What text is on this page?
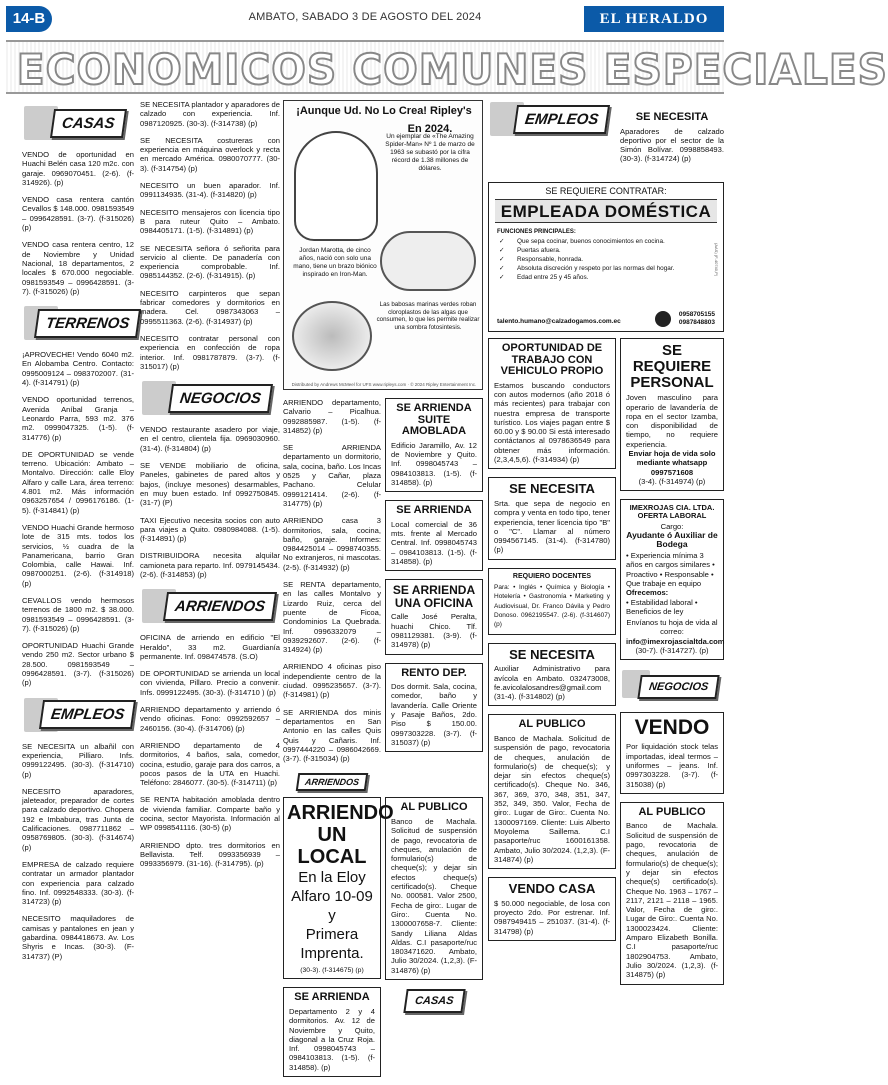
14-B	AMBATO, SABADO 3 DE AGOSTO DEL 2024	EL HERALDO
ECONOMICOS COMUNES ESPECIALES
CASAS

VENDO de oportunidad en Huachi Belén casa 120 m2c. con garaje. 0969070451. (2-6). (f-314926). (p)

VENDO casa rentera cantón Cevallos $ 148.000. 0981593549 – 0996428591. (3-7). (f-315026) (p)

VENDO casa rentera centro, 12 de Noviembre y Unidad Nacional, 18 departamentos, 2 locales $ 670.000 negociable. 0981593549 – 0996428591. (3-7). (f-315026) (p)

TERRENOS

¡APROVECHE! Vendo 6040 m2. En Alobamba Centro. Contacto: 0995009124 – 0983702007. (31-4). (f-314791) (p)

VENDO oportunidad terrenos, Avenida Aníbal Granja – Leonardo Parra, 593 m2. 376 m2. 0999047325. (1-5). (f-314776) (p)

DE OPORTUNIDAD se vende terreno. Ubicación: Ambato – Montalvo. Dirección: calle Eloy Alfaro y calle Lara, área terreno: 4.801 m2. Más información 0963257654 / 0996176186. (1-5). (f-314841) (p)

VENDO Huachi Grande hermoso lote de 315 mts. todos los servicios, ½ cuadra de la Panamericana, barrio Gran Colombia, calle Hawai. Inf. 0987000251. (2-6). (f-314918) (p)

CEVALLOS vendo hermosos terrenos de 1800 m2. $ 38.000. 0981593549 – 0996428591. (3-7). (f-315026) (p)

OPORTUNIDAD Huachi Grande vendo 250 m2. Sector urbano $ 28.500. 0981593549 – 0996428591. (3-7). (f-315026) (p)

EMPLEOS

SE NECESITA un albañil con experiencia, Pilliaro. Infs. 0999122495. (30-3). (f-314710) (p)

NECESITO aparadores, jaleteador, preparador de cortes para calzado deportivo. Chopera 192 e Imbabura, tras Junta de Calificaciones. 0987711862 – 0958769805. (30-3). (f-314674) (p)

EMPRESA de calzado requiere contratar un armador plantador con experiencia para calzado fino. Inf. 0992548333. (30-3). (f-314723) (p)

NECESITO maquiladores de camisas y pantalones en jean y gabardina. 0984418673. Av. Los Shyris e Incas. (30-3). (F-314737) (P)

SE NECESITA plantador y aparadores de calzado con experiencia. Inf. 0987120925. (30-3). (f-314738) (p)

SE NECESITA costureras con experiencia en máquina overlock y recta en mercado América. 0980070777. (30-3). (f-314754) (p)

NECESITO un buen aparador. Inf. 0991134935. (31-4). (f-314820) (p)

NECESITO mensajeros con licencia tipo B para ruteur Quito – Ambato. 0984405171. (1-5). (f-314891) (p)

SE NECESITA señora ó señorita para servicio al cliente. De panadería con experiencia comprobable. Inf. 0985144352. (2-6). (f-314915). (p)

NECESITO carpinteros que sepan fabricar comedores y dormitorios en madera. Cel. 0987343063 – 0995511363. (2-6). (f-314937) (p)

NECESITO contratar personal con experiencia en confección de ropa interior. Inf. 0981787879. (3-7). (f-315017) (p)

NEGOCIOS

VENDO restaurante asadero por viaje, en el centro, clientela fija. 0969030960. (31-4). (f-314804) (p)

SE VENDE mobiliario de oficina, Paneles, gabinetes de pared altos y bajos, (incluye mesones) desarmables, en muy buen estado. Inf 0992750845. (31-7) (P)

TAXI Ejecutivo necesita socios con auto para viajes a Quito. 0980984088. (1-5). (f-314891) (p)

DISTRIBUIDORA necesita alquilar camioneta para reparto. Inf. 0979145434. (2-6). (f-314853) (p)

ARRIENDOS

OFICINA de arriendo en edificio "El Heraldo", 33 m2. Guardianía permanente. Inf. 098474578. (S.O)

DE OPORTUNIDAD se arrienda un local con vivienda, Pillaro. Precio a convenir. Infs. 0999122495. (30-3). (f-314710 ) (p)

ARRIENDO departamento y arriendo ó vendo oficinas. Fono: 0992592657 – 2460156. (30-4). (f-314706) (p)

ARRIENDO departamento de 4 dormitorios, 4 baños, sala, comedor, cocina, estudio, garaje para dos carros, a pocos pasos de la UTA en Huachi. Teléfono: 2846077. (30-5). (f-314711) (p)

SE RENTA habitación amoblada dentro de vivienda familiar. Comparte baño y cocina, sector Mayorista. Información al WP 0998541116. (30-5) (p)

ARRIENDO dpto. tres dormitorios en Bellavista. Telf. 0993356939 – 0993356979. (31-16). (f-314795). (p)

¡Aunque Ud. No Lo Crea! Ripley's
En 2024.
Un ejemplar de «The Amazing Spider-Man» Nº 1 de marzo de 1963 se subastó por la cifra récord de 1.38 millones de dólares.
Jordan Marotta, de cinco años, nació con solo una mano, tiene un brazo biónico inspirado en Iron-Man.
Las babosas marinas verdes roban cloroplastos de las algas que consumen, lo que les permite realizar una sombra fotosintesis.
Distributed by Andrews McMeel for UFS www.ripleys.com · © 2024 Ripley Entertainment Inc.

ARRIENDO departamento, Calvario – Picalhua. 0992885987. (1-5). (f-314852) (p)

SE ARRIENDA departamento un dormitorio, sala, cocina, baño. Los Incas 0525 y Cañar, plaza Pachano. Celular 0999121414. (2-6). (f-314775) (p)

ARRIENDO casa 3 dormitorios, sala, cocina, baño, garaje. Informes: 0984425014 – 0998740355. No extranjeros, ni mascotas. (2-5). (f-314932) (p)

SE RENTA departamento, en las calles Montalvo y Lizardo Ruiz, cerca del puente de Ficoa, Condominios La Quebrada. Inf. 0996332079 – 0939292607. (2-6). (f-314924) (p)

ARRIENDO 4 oficinas piso independiente centro de la ciudad. 0995235657. (3-7). (f-314981) (p)

SE ARRIENDA dos minis departamentos en San Antonio en las calles Quis Quis y Cañaris. Inf. 0997444220 – 0986042669. (3-7). (f-315034) (p)

ARRIENDOS
SE ARRIENDA SUITE AMOBLADA

Edificio Jaramillo, Av. 12 de Noviembre y Quito. Inf. 0998045743 – 0984103813. (1-5). (f-314858). (p)

SE ARRIENDA

Local comercial de 36 mts. frente al Mercado Central. Inf. 0998045743 – 0984103813. (1-5). (f-314858). (p)

SE ARRIENDA UNA OFICINA

Calle José Peralta, huachi Chico. Tlf. 0981129381. (3-9). (f-314978) (p)

RENTO DEP.

Dos dormit. Sala, cocina, comedor, baño y lavandería. Calle Oriente y Pasaje Baños, 2do. Piso $ 150.00. 0997303228. (3-7). (f-315037) (p)

ARRIENDO
UN LOCAL
En la Eloy
Alfaro 10-09 y
Primera
Imprenta.
(30-3). (f-314675) (p)
SE ARRIENDA

Departamento 2 y 4 dormitorios. Av. 12 de Noviembre y Quito, diagonal a la Cruz Roja. Inf. 0998045743 – 0984103813. (1-5). (f-314858). (p)

AL PUBLICO

Banco de Machala. Solicitud de suspensión de pago, revocatoria de cheques, anulación de formulario(s) de cheque(s); y dejar sin efectos cheque(s) certificado(s). Cheque No. 000581. Valor 2500, Fecha de giro:. Lugar de Giro:. Cuenta No. 1300007658-7. Cliente: Sandy Liliana Aldas Aldas. C.I pasaporte/ruc 1803471620. Ambato, Julio 30/2024. (1,2,3). (F-314876) (p)

CASAS
EMPLEOS	SE NECESITA

Aparadores de calzado deportivo por el sector de la Simón Bolívar. 0998858493. (30-3). (f-314724) (p)

SE REQUIERE CONTRATAR:
EMPLEADA DOMÉSTICA
FUNCIONES PRINCIPALES:
✓ Que sepa cocinar, buenos conocimientos en cocina.
✓ Puertas afuera.
✓ Responsable, honrada.
✓ Absoluta discreción y respeto por las normas del hogar.
✓ Edad entre 25 y 45 años.
talento.humano@calzadogamos.com.ec
0958705155
0987848803
(AAS) (F-40740,P)
OPORTUNIDAD DE TRABAJO CON VEHICULO PROPIO

Estamos buscando conductors con autos modernos (año 2018 ó más recientes) para trabajar con nuestra empresa de transporte turístico. Los viajes pagan entre $ 60.00 y $ 90.00 Si está interesado contáctanos al 0978636549 para obtener más información. (2,3,4,5,6). (f-314934) (p)

SE NECESITA

Srta. que sepa de negocio en compra y venta en todo tipo, tener experiencia, tener licencia tipo "B" o "C". Llamar al número 0994567145. (31-4). (f-314780) (p)

REQUIERO DOCENTES

Para: • Inglés • Química y Biología • Hotelería • Gastronomía • Marketing y Audiovisual, Dr. Franco Dávila y Pedro Donoso. 0962195547. (2-6). (f-314607) (p)

SE NECESITA

Auxiliar Administrativo para avícola en Ambato. 032473008, fe.avicolalosandres@gmail.com (31-4). (f-314802) (p)

AL PUBLICO

Banco de Machala. Solicitud de suspensión de pago, revocatoria de cheques, anulación de formulario(s) de cheque(s); y dejar sin efectos cheque(s) certificado(s). Cheque No. 346, 367, 369, 370, 348, 351, 347, 352, 349, 350. Valor, Fecha de giro:. Lugar de Giro:. Cuenta No. 1300097169. Cliente: Luis Alberto Moyolema Saillema. C.I pasaporte/ruc 1600161358. Ambato, Julio 30/2024. (1,2,3). (F-314874) (p)

VENDO CASA

$ 50.000 negociable, de losa con proyecto 2do. Por estrenar. Inf. 0987949415 – 251037. (31-4). (f-314798) (p)

SE REQUIERE PERSONAL

Joven masculino para operario de lavandería de ropa en el sector Izamba, con disponibilidad de tiempo, no requiere experiencia.

Enviar hoja de vida solo mediante whatsapp 0997571608

(3-4). (f-314974) (p)

IMEXROJAS CIA. LTDA. OFERTA LABORAL

Cargo:

Ayudante ó Auxiliar de Bodega

• Experiencia mínima 3 años en cargos similares • Proactivo • Responsable • Que trabaje en equipo

Ofrecemos:

• Estabilidad laboral • Beneficios de ley

Envíanos tu hoja de vida al correo:

info@imexrojascialtda.com

(30-7). (f-314727). (p)

NEGOCIOS
VENDO

Por liquidación stock telas importadas, ideal termos – uniformes – jeans. Inf. 0997303228. (3-7). (f-315038) (p)

AL PUBLICO

Banco de Machala. Solicitud de suspensión de pago, revocatoria de cheques, anulación de formulario(s) de cheque(s); y dejar sin efectos cheque(s) certificado(s). Cheque No. 1963 – 1767 – 2117, 2121 – 2118 – 1965. Valor, Fecha de giro:. Lugar de Giro:. Cuenta No. 1300023424. Cliente: Amparo Elizabeth Bonilla. C.I pasaporte/ruc 1802904753. Ambato, Julio 30/2024. (1,2,3). (f-314875) (p)
